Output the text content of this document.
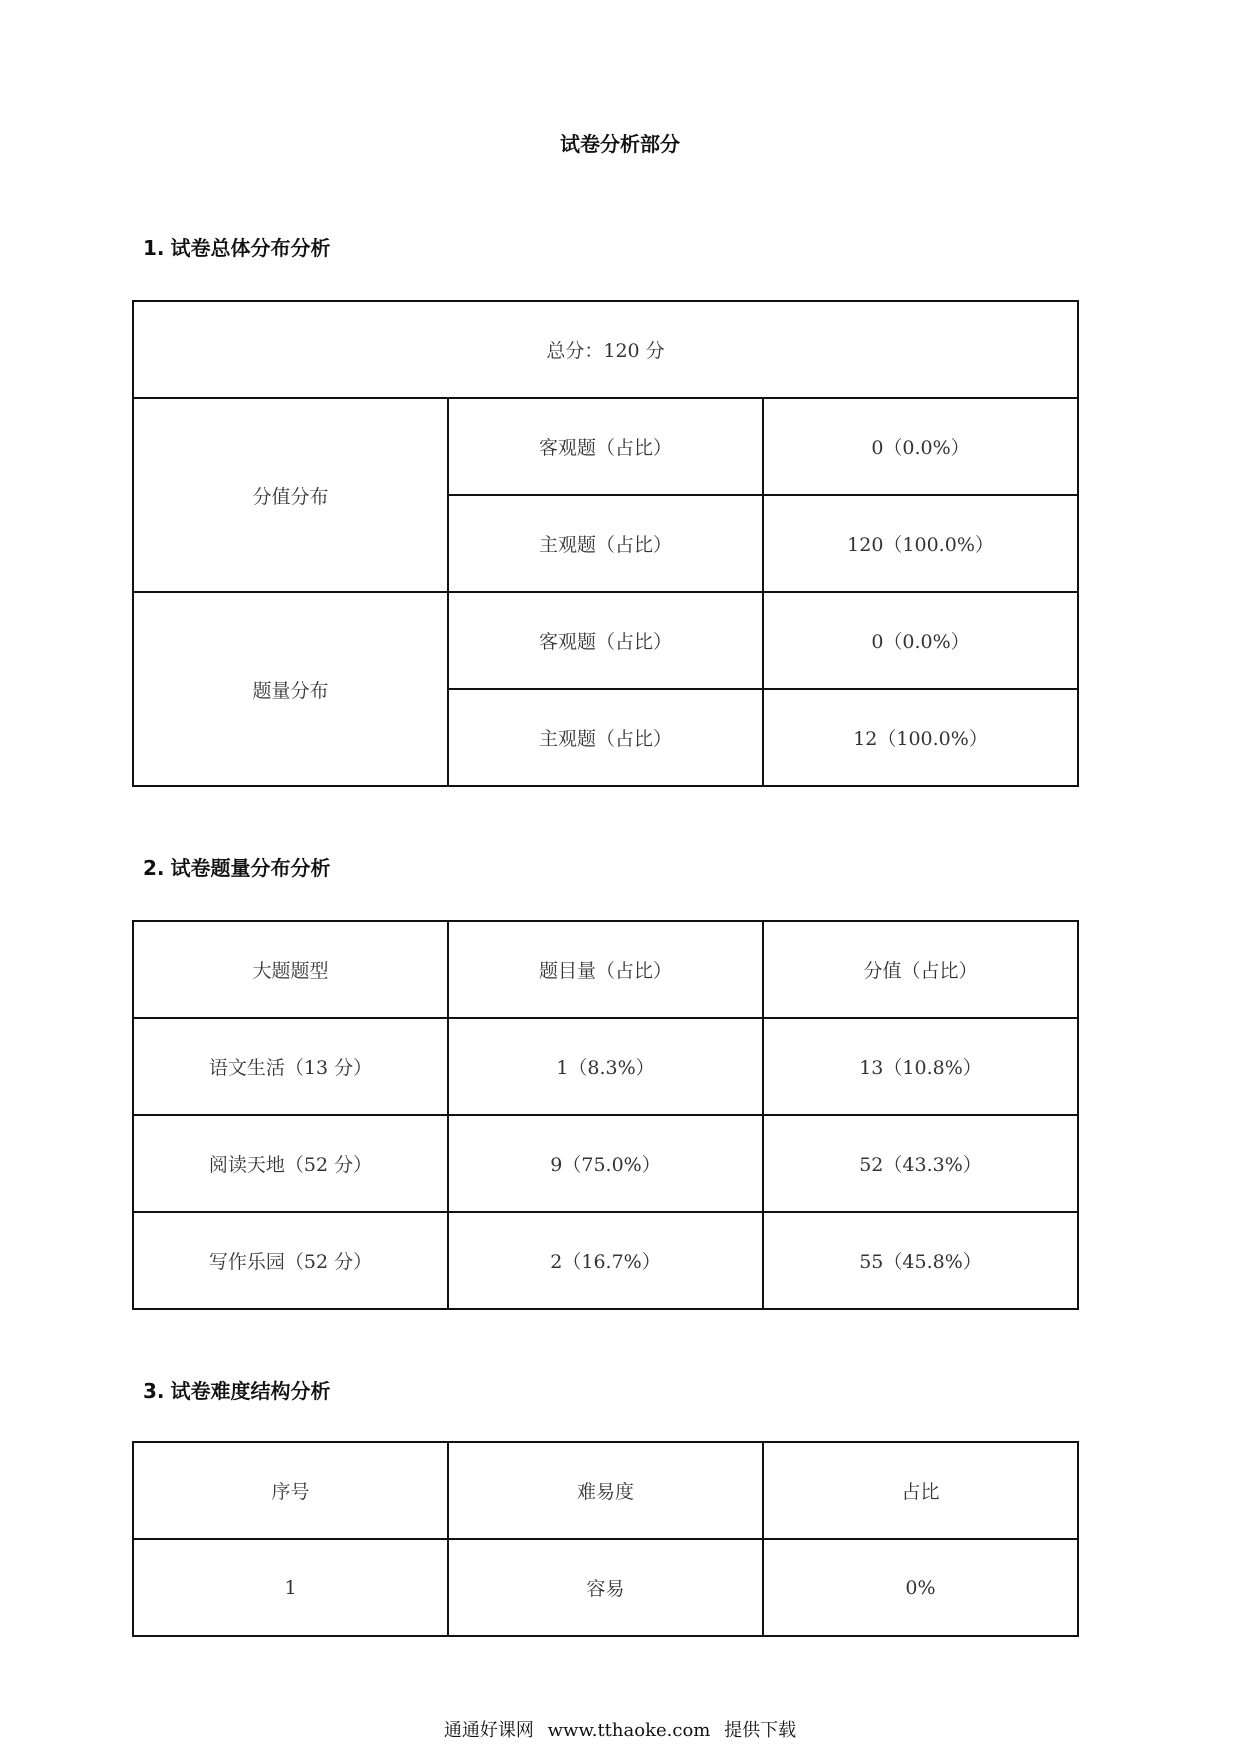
试卷分析部分
1. 试卷总体分布分析
总分：120 分		
分值分布	客观题（占比）	0（0.0%）
	主观题（占比）	120（100.0%）
题量分布	客观题（占比）	0（0.0%）
	主观题（占比）	12（100.0%）
2. 试卷题量分布分析
大题题型	题目量（占比）	分值（占比）
语文生活（13 分）	1（8.3%）	13（10.8%）
阅读天地（52 分）	9（75.0%）	52（43.3%）
写作乐园（52 分）	2（16.7%）	55（45.8%）
3. 试卷难度结构分析
序号	难易度	占比
1	容易	0%
通通好课网 www.tthaoke.com 提供下载
